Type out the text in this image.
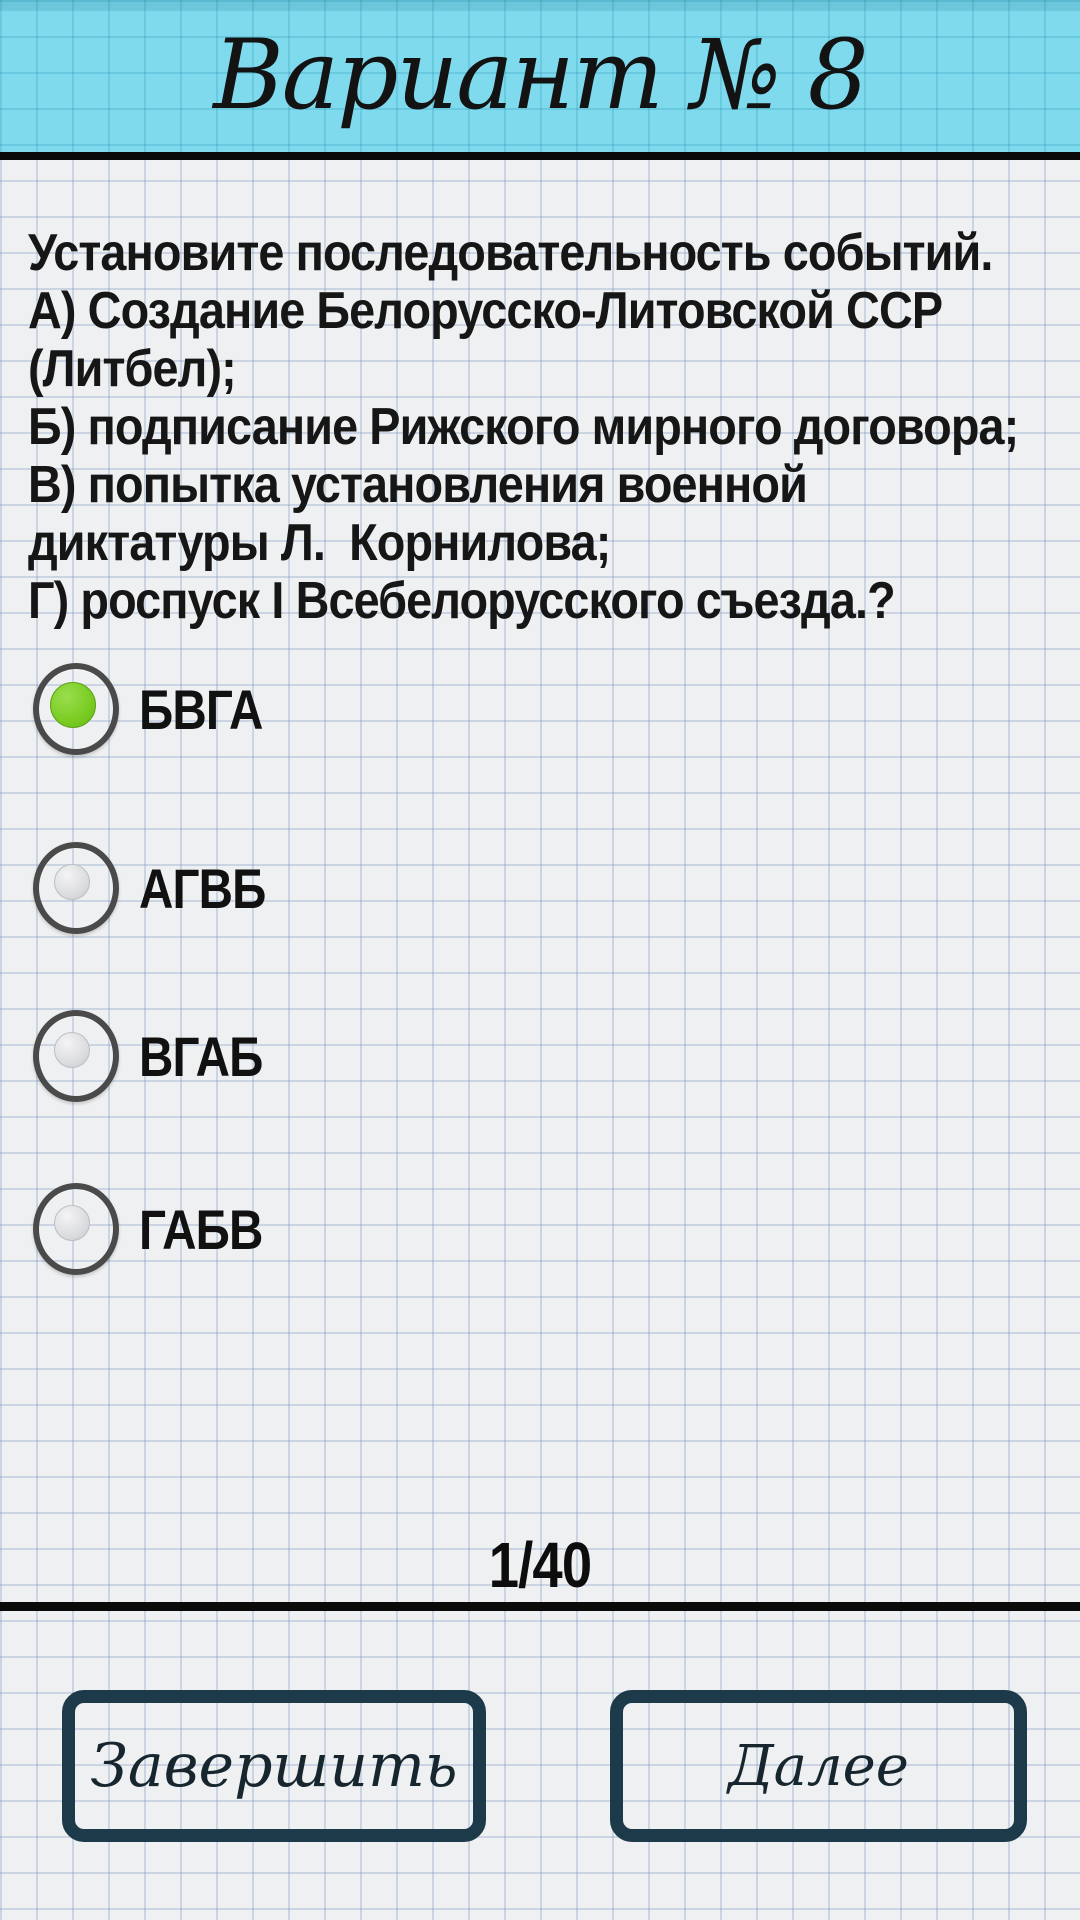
Вариант № 8
Установите последовательность событий.
А) Создание Белорусско-Литовской ССР
(Литбел);
Б) подписание Рижского мирного договора;
В) попытка установления военной
диктатуры Л.  Корнилова;
Г) роспуск I Всебелорусского съезда.?
БВГА
АГВБ
ВГАБ
ГАБВ
1/40
Завершить	Далее
